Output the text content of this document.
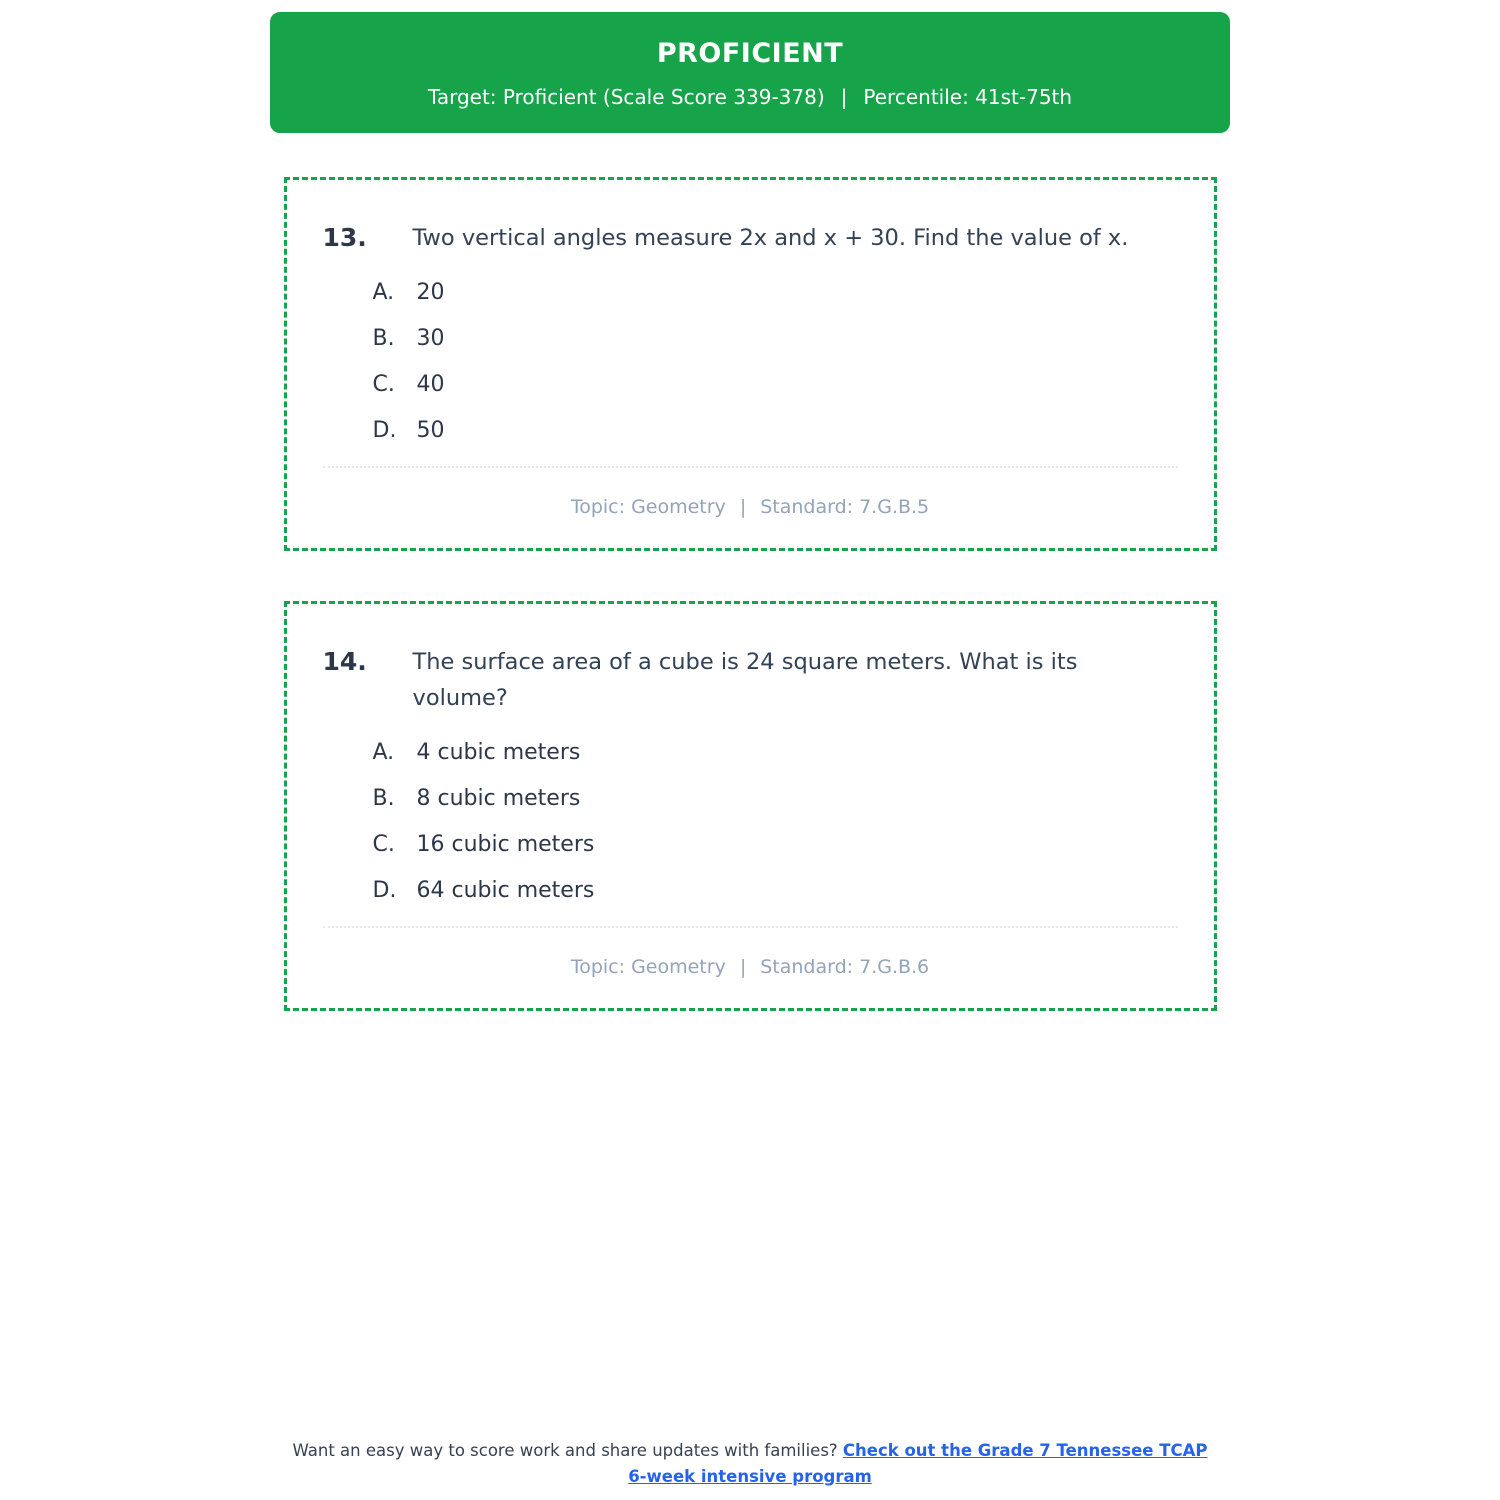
PROFICIENT
Target: Proficient (Scale Score 339-378) | Percentile: 41st-75th
13.	Two vertical angles measure 2x and x + 30. Find the value of x.
A.	20
B. 30
C. 40
D. 50
Topic: Geometry | Standard: 7.G.B.5
14.	The surface area of a cube is 24 square meters. What is its volume?
A.	4 cubic meters
B. 8 cubic meters
C. 16 cubic meters
D. 64 cubic meters
Topic: Geometry | Standard: 7.G.B.6

Want an easy way to score work and share updates with families? Check out the Grade 7 Tennessee TCAP 6-week intensive program
